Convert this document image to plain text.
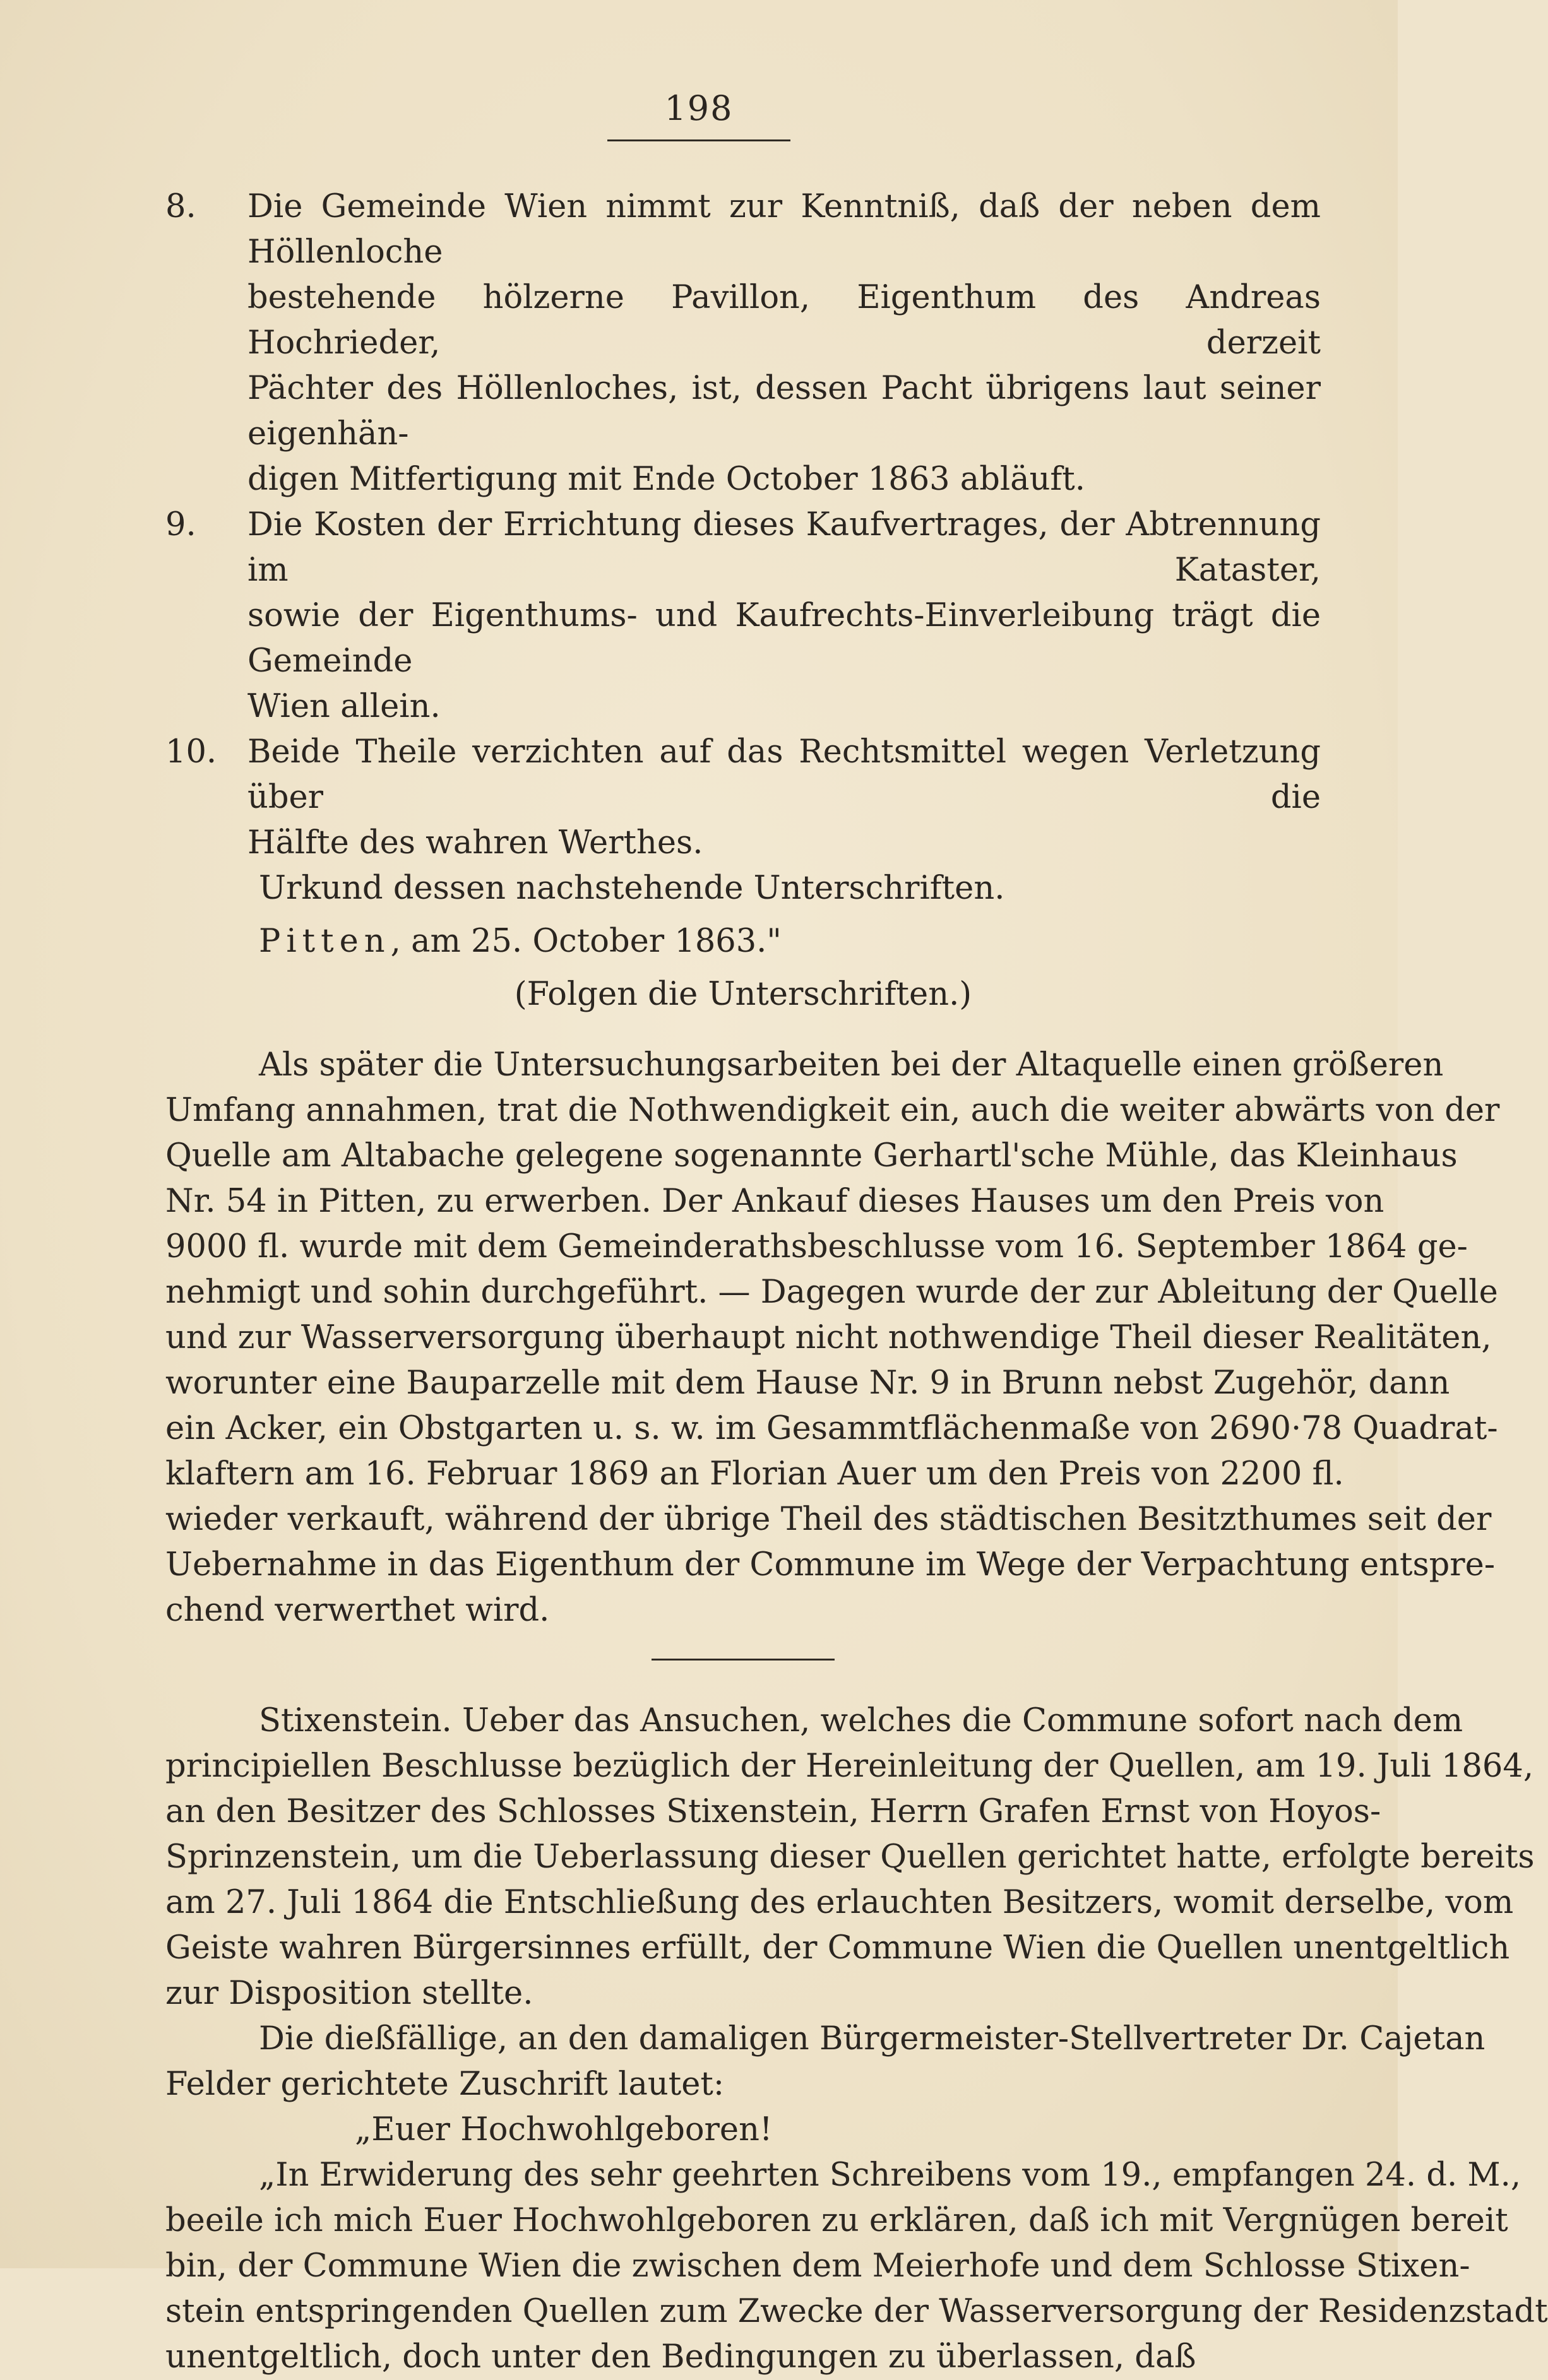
198
8.	Die Gemeinde Wien nimmt zur Kenntniß, daß der neben dem Höllenloche
bestehende hölzerne Pavillon, Eigenthum des Andreas Hochrieder, derzeit
Pächter des Höllenloches, ist, dessen Pacht übrigens laut seiner eigenhän-
digen Mitfertigung mit Ende October 1863 abläuft.
9.	Die Kosten der Errichtung dieses Kaufvertrages, der Abtrennung im Kataster,
sowie der Eigenthums- und Kaufrechts-Einverleibung trägt die Gemeinde
Wien allein.
10. Beide Theile verzichten auf das Rechtsmittel wegen Verletzung über die
Hälfte des wahren Werthes.
Urkund dessen nachstehende Unterschriften.
Pitten, am 25. October 1863."
(Folgen die Unterschriften.)
Als später die Untersuchungsarbeiten bei der Altaquelle einen größeren
Umfang annahmen, trat die Nothwendigkeit ein, auch die weiter abwärts von der
Quelle am Altabache gelegene sogenannte Gerhartl'sche Mühle, das Kleinhaus
Nr. 54 in Pitten, zu erwerben. Der Ankauf dieses Hauses um den Preis von
9000 fl. wurde mit dem Gemeinderathsbeschlusse vom 16. September 1864 ge-
nehmigt und sohin durchgeführt. — Dagegen wurde der zur Ableitung der Quelle
und zur Wasserversorgung überhaupt nicht nothwendige Theil dieser Realitäten,
worunter eine Bauparzelle mit dem Hause Nr. 9 in Brunn nebst Zugehör, dann
ein Acker, ein Obstgarten u. s. w. im Gesammtflächenmaße von 2690·78 Quadrat-
klaftern am 16. Februar 1869 an Florian Auer um den Preis von 2200 fl.
wieder verkauft, während der übrige Theil des städtischen Besitzthumes seit der
Uebernahme in das Eigenthum der Commune im Wege der Verpachtung entspre-
chend verwerthet wird.
Stixenstein. Ueber das Ansuchen, welches die Commune sofort nach dem
principiellen Beschlusse bezüglich der Hereinleitung der Quellen, am 19. Juli 1864,
an den Besitzer des Schlosses Stixenstein, Herrn Grafen Ernst von Hoyos-
Sprinzenstein, um die Ueberlassung dieser Quellen gerichtet hatte, erfolgte bereits
am 27. Juli 1864 die Entschließung des erlauchten Besitzers, womit derselbe, vom
Geiste wahren Bürgersinnes erfüllt, der Commune Wien die Quellen unentgeltlich
zur Disposition stellte.
Die dießfällige, an den damaligen Bürgermeister-Stellvertreter Dr. Cajetan
Felder gerichtete Zuschrift lautet:
„Euer Hochwohlgeboren!
„In Erwiderung des sehr geehrten Schreibens vom 19., empfangen 24. d. M.,
beeile ich mich Euer Hochwohlgeboren zu erklären, daß ich mit Vergnügen bereit
bin, der Commune Wien die zwischen dem Meierhofe und dem Schlosse Stixen-
stein entspringenden Quellen zum Zwecke der Wasserversorgung der Residenzstadt
unentgeltlich, doch unter den Bedingungen zu überlassen, daß
